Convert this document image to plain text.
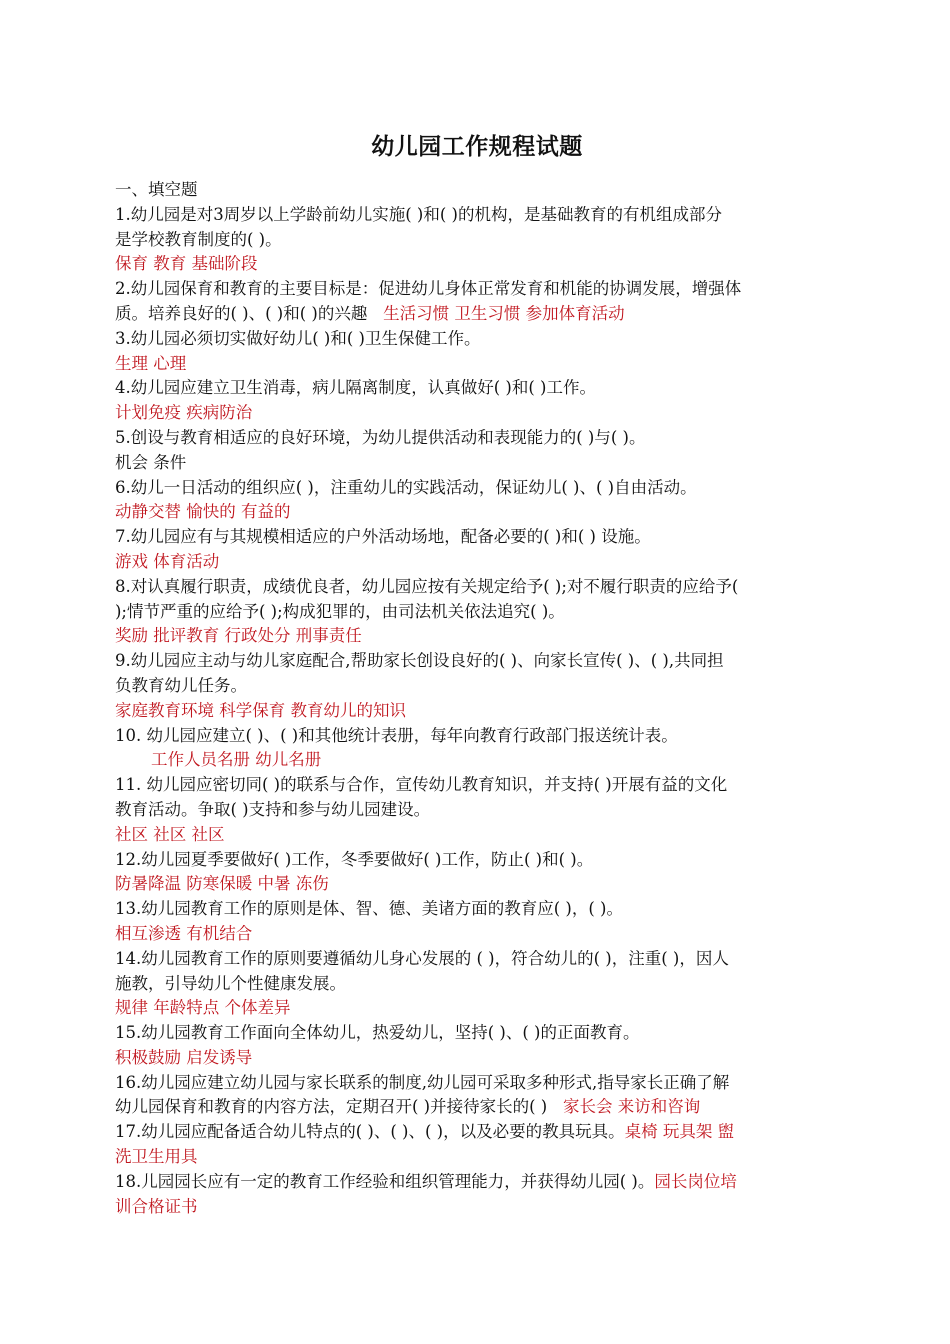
幼儿园工作规程试题
一、填空题
1.幼儿园是对3周岁以上学龄前幼儿实施( )和( )的机构，是基础教育的有机组成部分
是学校教育制度的( )。
保育 教育 基础阶段
2.幼儿园保育和教育的主要目标是：促进幼儿身体正常发育和机能的协调发展，增强体
质。培养良好的( )、( )和( )的兴趣 生活习惯 卫生习惯 参加体育活动
3.幼儿园必须切实做好幼儿( )和( )卫生保健工作。
生理 心理
4.幼儿园应建立卫生消毒，病儿隔离制度，认真做好( )和( )工作。
计划免疫 疾病防治
5.创设与教育相适应的良好环境，为幼儿提供活动和表现能力的( )与( )。
机会 条件
6.幼儿一日活动的组织应( )，注重幼儿的实践活动，保证幼儿( )、( )自由活动。
动静交替 愉快的 有益的
7.幼儿园应有与其规模相适应的户外活动场地，配备必要的( )和( ) 设施。
游戏 体育活动
8.对认真履行职责，成绩优良者，幼儿园应按有关规定给予( );对不履行职责的应给予(
);情节严重的应给予( );构成犯罪的，由司法机关依法追究( )。
奖励 批评教育 行政处分 刑事责任
9.幼儿园应主动与幼儿家庭配合,帮助家长创设良好的( )、向家长宣传( )、( ),共同担
负教育幼儿任务。
家庭教育环境 科学保育 教育幼儿的知识
10. 幼儿园应建立( )、( )和其他统计表册，每年向教育行政部门报送统计表。
工作人员名册 幼儿名册
11. 幼儿园应密切同( )的联系与合作，宣传幼儿教育知识，并支持( )开展有益的文化
教育活动。争取( )支持和参与幼儿园建设。
社区 社区 社区
12.幼儿园夏季要做好( )工作，冬季要做好( )工作，防止( )和( )。
防暑降温 防寒保暖 中暑 冻伤
13.幼儿园教育工作的原则是体、智、德、美诸方面的教育应( )，( )。
相互渗透 有机结合
14.幼儿园教育工作的原则要遵循幼儿身心发展的 ( )，符合幼儿的( )，注重( )，因人
施教，引导幼儿个性健康发展。
规律 年龄特点 个体差异
15.幼儿园教育工作面向全体幼儿，热爱幼儿，坚持( )、( )的正面教育。
积极鼓励 启发诱导
16.幼儿园应建立幼儿园与家长联系的制度,幼儿园可采取多种形式,指导家长正确了解
幼儿园保育和教育的内容方法，定期召开( )并接待家长的( ) 家长会 来访和咨询
17.幼儿园应配备适合幼儿特点的( )、( )、( )，以及必要的教具玩具。桌椅 玩具架 盥
洗卫生用具
18.儿园园长应有一定的教育工作经验和组织管理能力，并获得幼儿园( )。园长岗位培
训合格证书
